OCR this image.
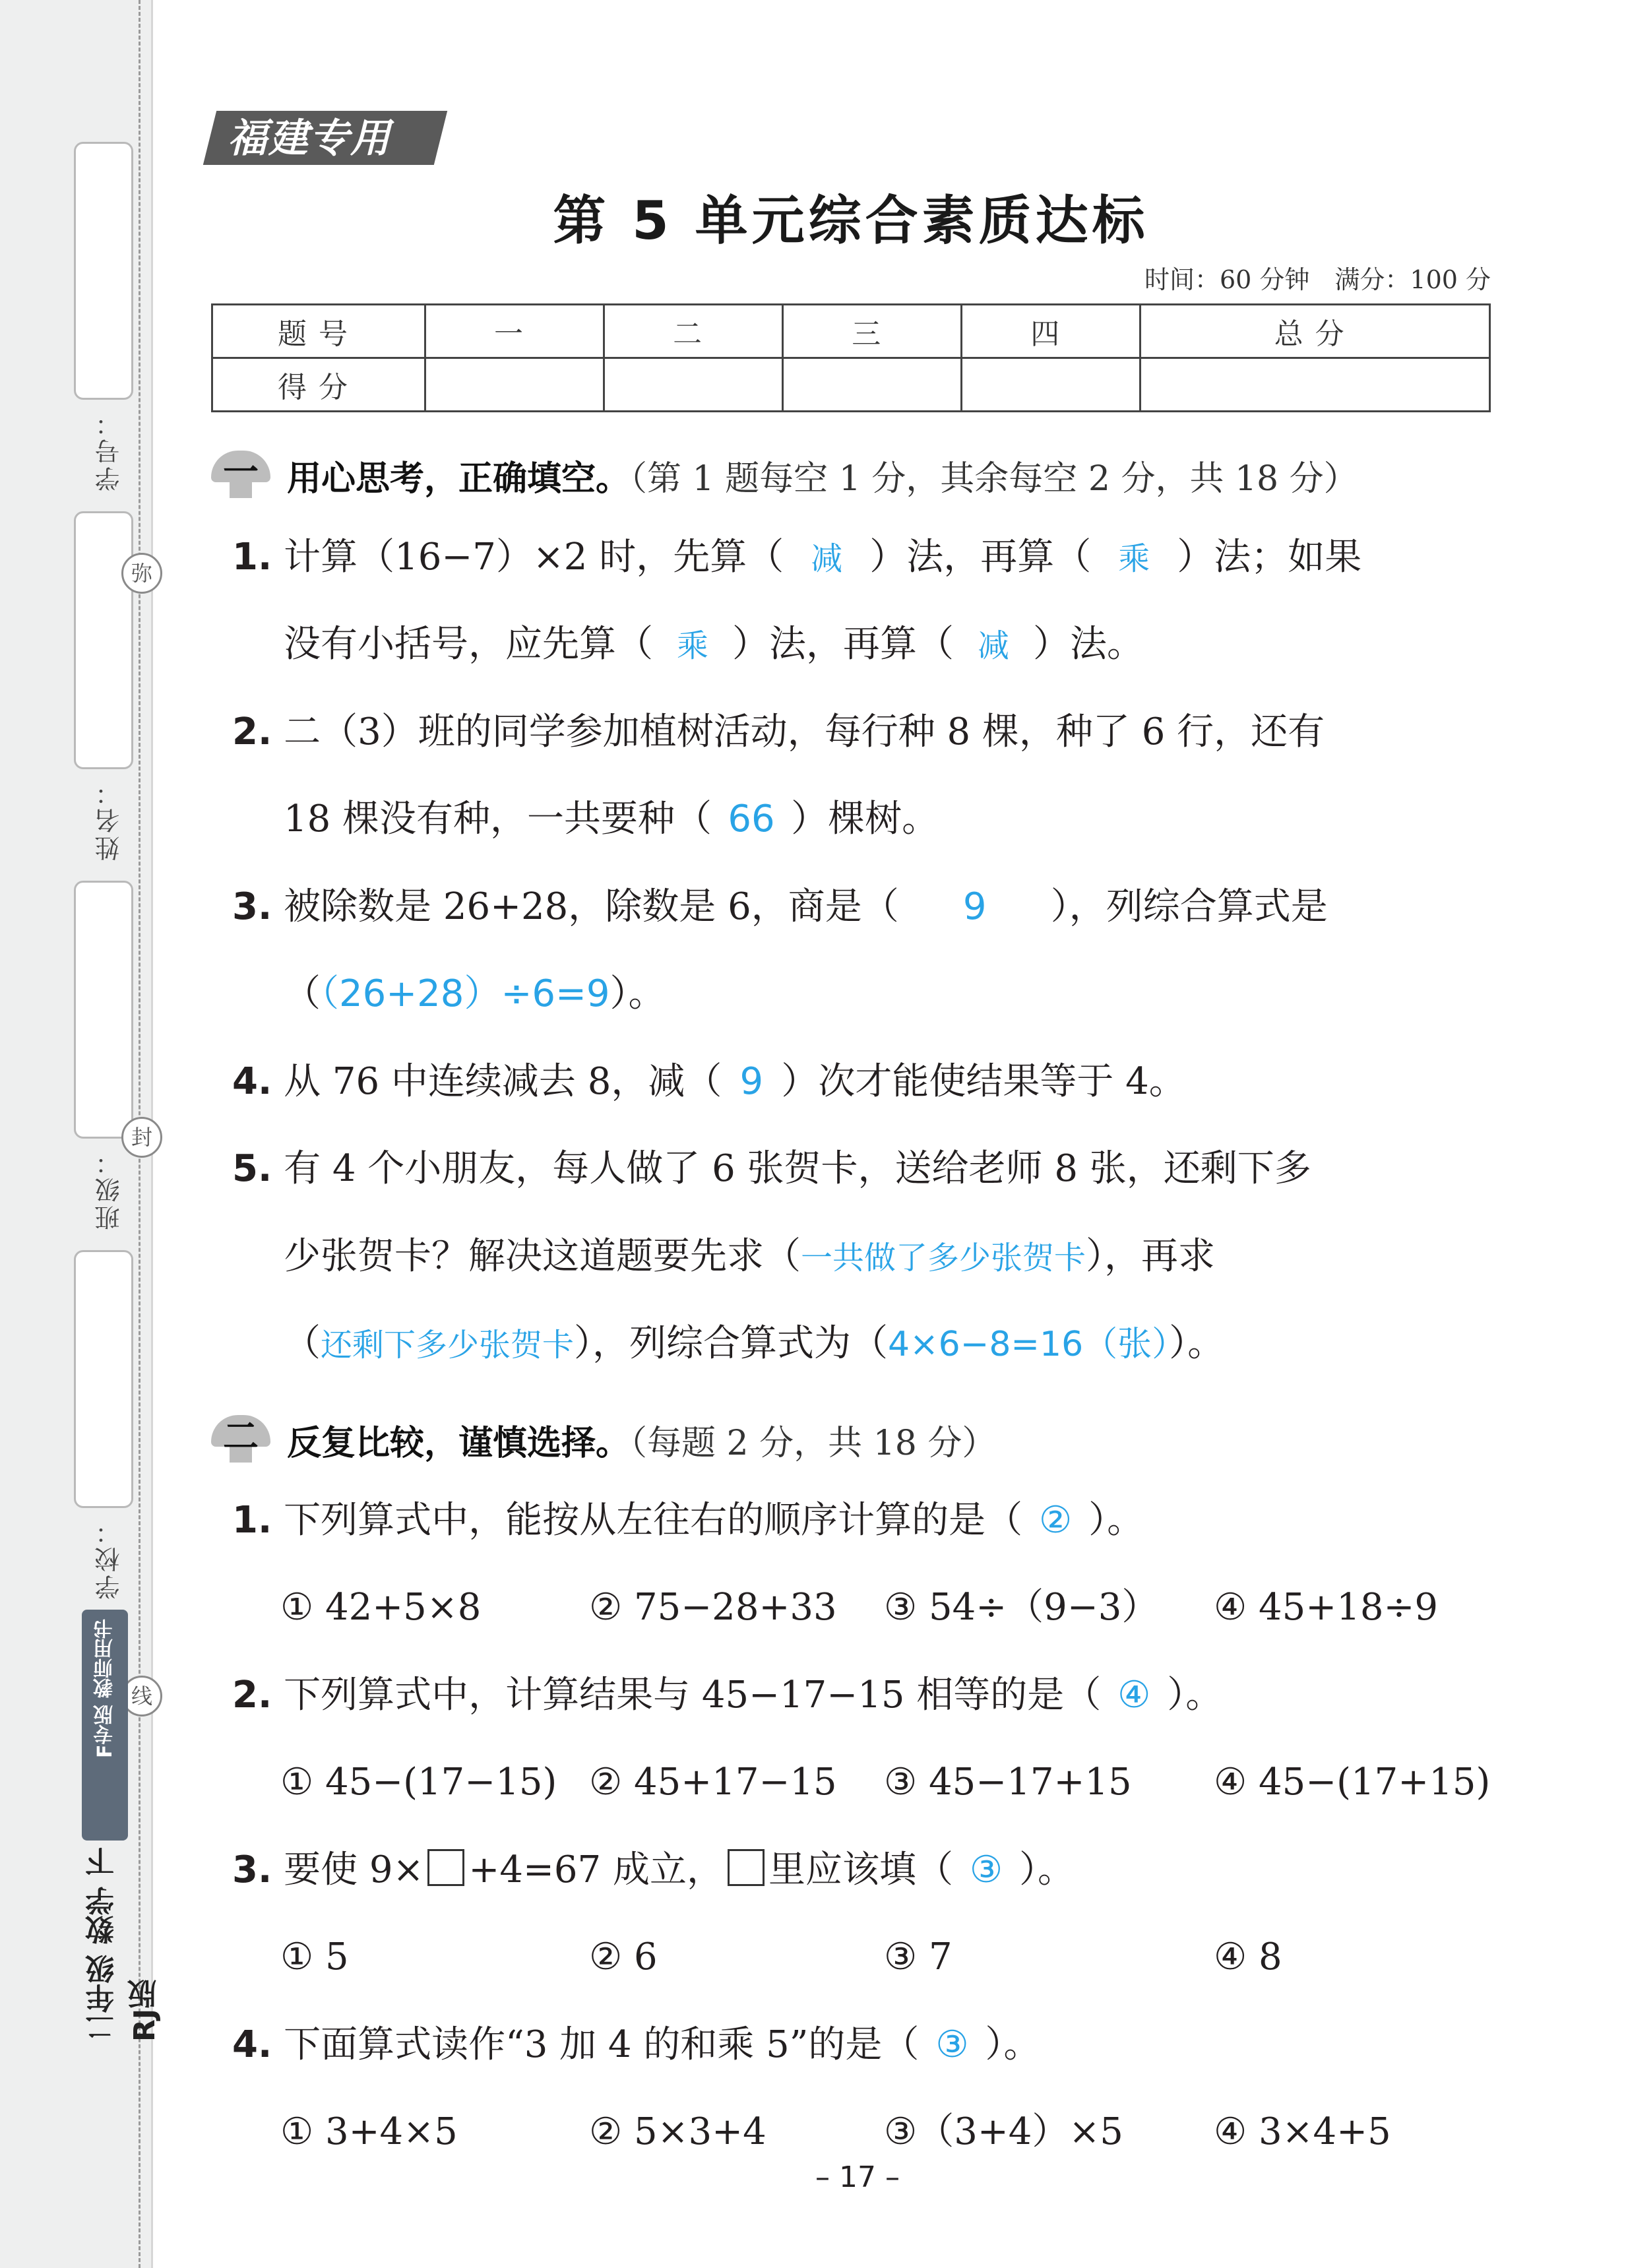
学号：
姓名：
班级：
学校：
弥
封
线
F专版 教师用书
二年级 数学 下 RJ版
福建专用
第 5 单元综合素质达标
时间：60 分钟　满分：100 分
题号	一	二	三	四	总分
得分					
一 用心思考，正确填空。（第 1 题每空 1 分，其余每空 2 分，共 18 分）
1. 计算（16−7）×2 时，先算（ 减 ）法，再算（ 乘 ）法；如果
没有小括号，应先算（ 乘 ）法，再算（ 减 ）法。
2. 二（3）班的同学参加植树活动，每行种 8 棵，种了 6 行，还有
18 棵没有种，一共要种（ 66 ）棵树。
3. 被除数是 26+28，除数是 6，商是（ 9 ），列综合算式是
（（26+28）÷6=9）。
4. 从 76 中连续减去 8，减（ 9 ）次才能使结果等于 4。
5. 有 4 个小朋友，每人做了 6 张贺卡，送给老师 8 张，还剩下多
少张贺卡？解决这道题要先求（一共做了多少张贺卡），再求
（还剩下多少张贺卡），列综合算式为（4×6−8=16（张））。
二 反复比较，谨慎选择。（每题 2 分，共 18 分）
1. 下列算式中，能按从左往右的顺序计算的是（ ② ）。
① 42+5×8	② 75−28+33 ③ 54÷（9−3） ④ 45+18÷9
2. 下列算式中，计算结果与 45−17−15 相等的是（ ④ ）。
① 45−(17−15) ② 45+17−15 ③ 45−17+15 ④ 45−(17+15)
3. 要使 9× +4=67 成立， 里应该填（ ③ ）。
① 5	② 6	③ 7	④ 8
4. 下面算式读作“3 加 4 的和乘 5”的是（ ③ ）。
① 3+4×5	② 5×3+4	③（3+4）×5 ④ 3×4+5
– 17 –
